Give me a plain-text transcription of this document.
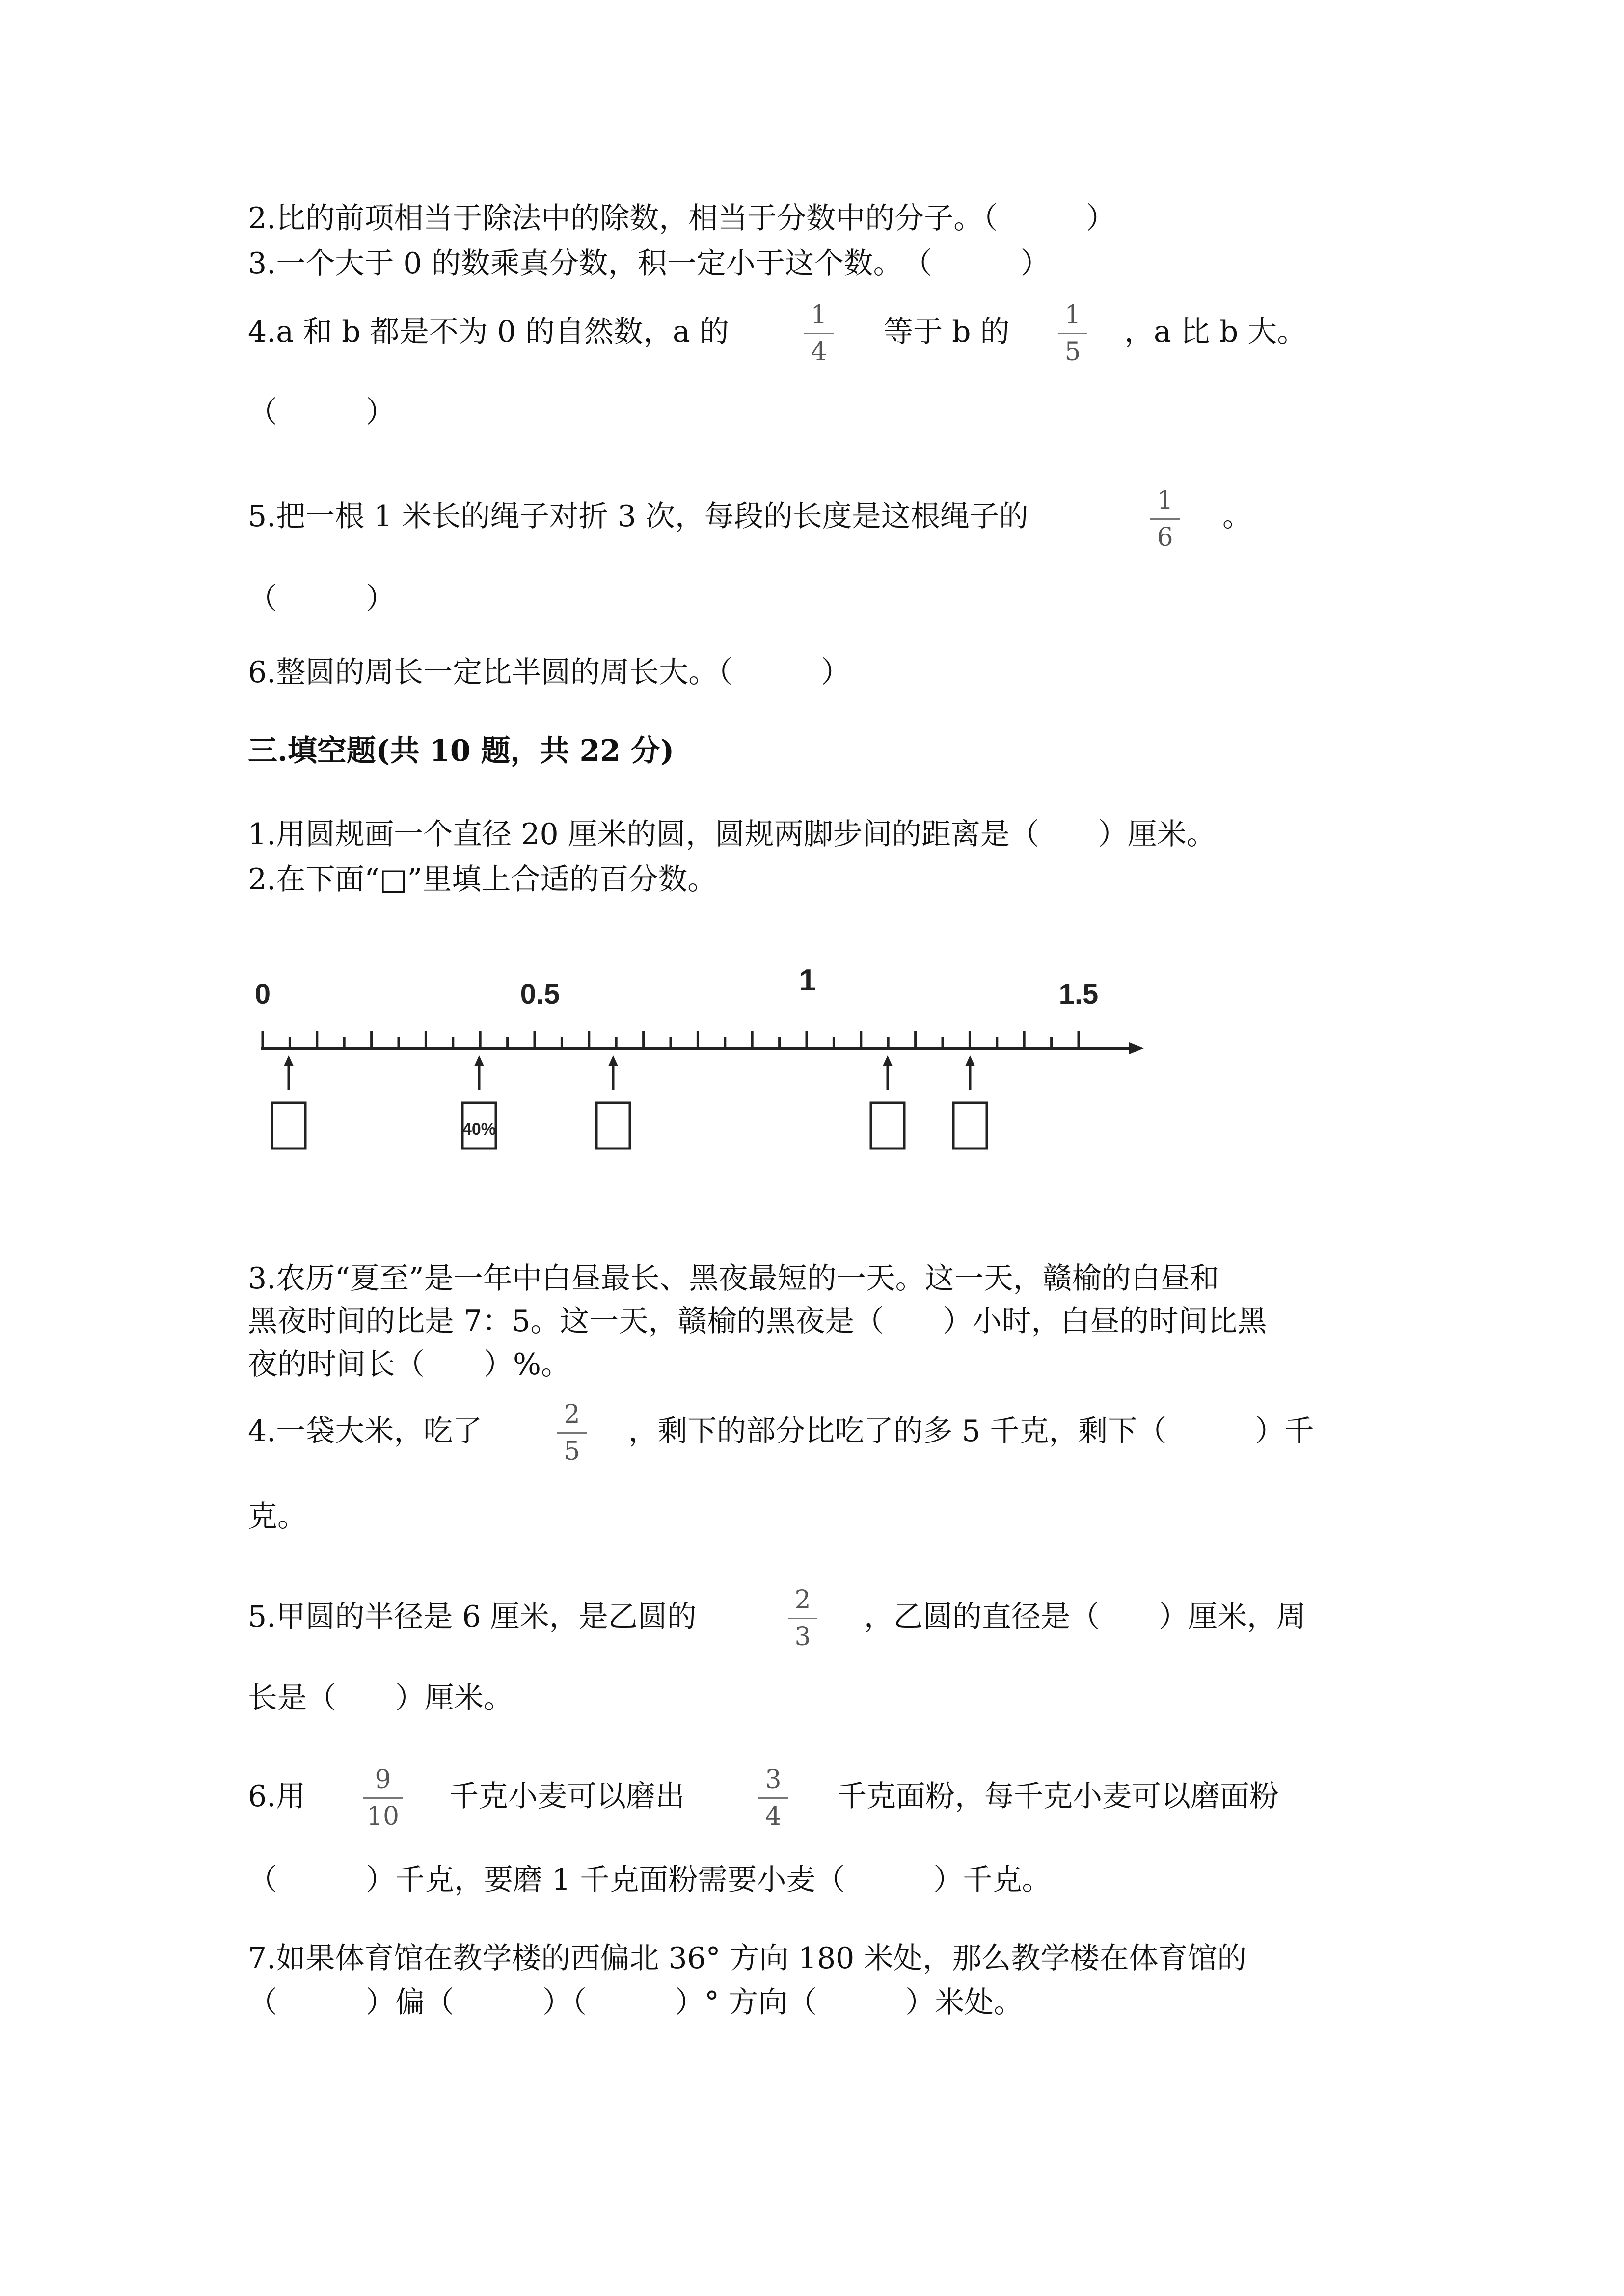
2.比的前项相当于除法中的除数，相当于分数中的分子。（　　　）
3.一个大于 0 的数乘真分数，积一定小于这个数。　（　　　）
4.a 和 b 都是不为 0 的自然数，a 的	1
4
等于 b 的	1
5
，a 比 b 大。
（　　　）
5.把一根 1 米长的绳子对折 3 次，每段的长度是这根绳子的	1
6
。
（　　　）
6.整圆的周长一定比半圆的周长大。（　　　）
三.填空题(共 10 题，共 22 分)
1.用圆规画一个直径 20 厘米的圆，圆规两脚步间的距离是（　　）厘米。
2.在下面“□”里填上合适的百分数。
0	0.5	1	1.5
40%
3.农历“夏至”是一年中白昼最长、黑夜最短的一天。这一天，赣榆的白昼和
黑夜时间的比是 7：5。这一天，赣榆的黑夜是（　　）小时，白昼的时间比黑
夜的时间长（　　）%。
4.一袋大米，吃了	2
5
，剩下的部分比吃了的多 5 千克，剩下（　　　）千
克。
5.甲圆的半径是 6 厘米，是乙圆的	2
3
，乙圆的直径是（　　）厘米，周
长是（　　）厘米。
6.用	9
10
千克小麦可以磨出	3
4
千克面粉，每千克小麦可以磨面粉
（　　　）千克，要磨 1 千克面粉需要小麦（　　　）千克。
7.如果体育馆在教学楼的西偏北 36° 方向 180 米处，那么教学楼在体育馆的
（　　　）偏（　　　）（　　　）° 方向（　　　）米处。
